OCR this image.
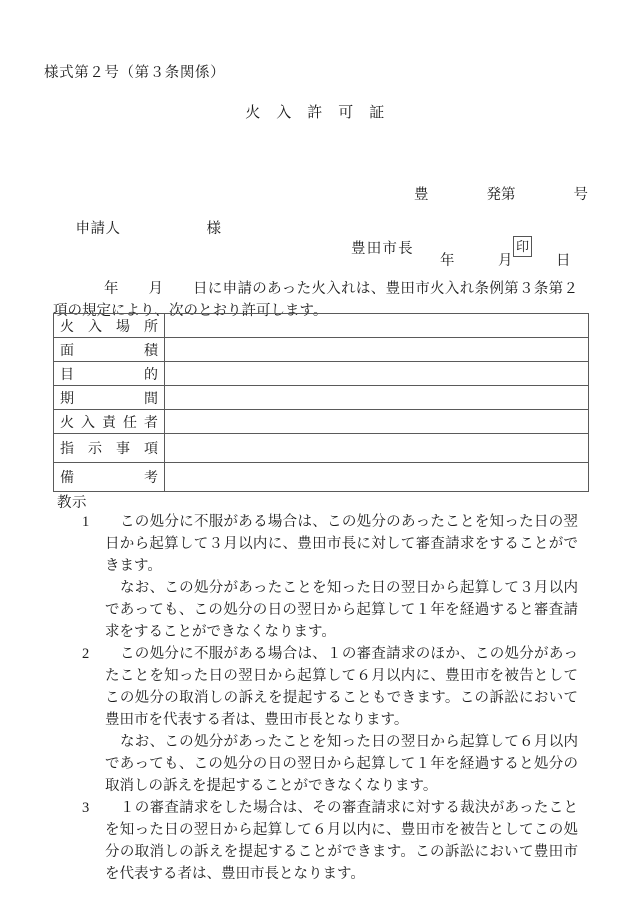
様式第２号（第３条関係）
火　入　許　可　証

豊　　　　発第　　　　号

年　　　月　　　日

申請人	様

豊田市長	印
年　　月　　日に申請のあった火入れは、豊田市火入れ条例第３条第２項の規定により、次のとおり許可します。
火入場所	

面積	

目的	

期間	

火入責任者	

指示事項	

備考	

教示
1	この処分に不服がある場合は、この処分のあったことを知った日の翌日から起算して３月以内に、豊田市長に対して審査請求をすることができます。

なお、この処分があったことを知った日の翌日から起算して３月以内であっても、この処分の日の翌日から起算して１年を経過すると審査請求をすることができなくなります。

2	この処分に不服がある場合は、１の審査請求のほか、この処分があったことを知った日の翌日から起算して６月以内に、豊田市を被告としてこの処分の取消しの訴えを提起することもできます。この訴訟において豊田市を代表する者は、豊田市長となります。

なお、この処分があったことを知った日の翌日から起算して６月以内であっても、この処分の日の翌日から起算して１年を経過すると処分の取消しの訴えを提起することができなくなります。

3	１の審査請求をした場合は、その審査請求に対する裁決があったことを知った日の翌日から起算して６月以内に、豊田市を被告としてこの処分の取消しの訴えを提起することができます。この訴訟において豊田市を代表する者は、豊田市長となります。
